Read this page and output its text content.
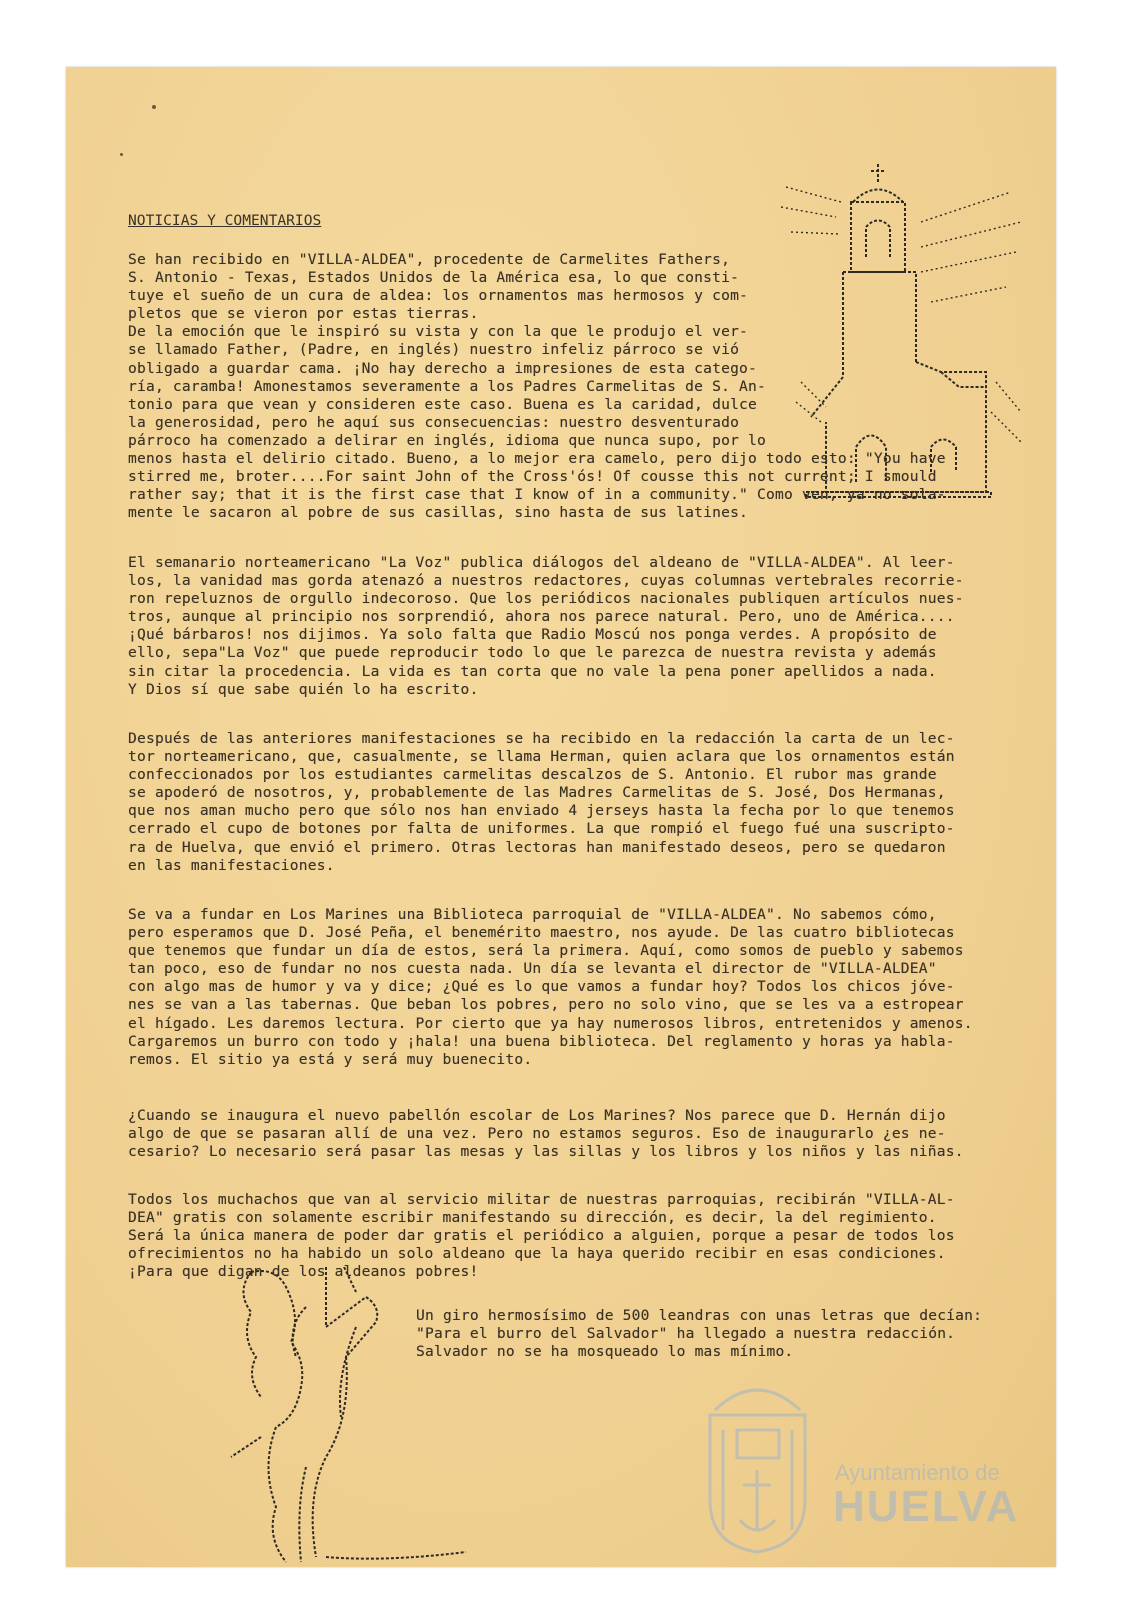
NOTICIAS Y COMENTARIOS

Se han recibido en "VILLA-ALDEA", procedente de Carmelites Fathers,
S. Antonio - Texas, Estados Unidos de la América esa, lo que consti-
tuye el sueño de un cura de aldea: los ornamentos mas hermosos y com-
pletos que se vieron por estas tierras.
De la emoción que le inspiró su vista y con la que le produjo el ver-
se llamado Father, (Padre, en inglés) nuestro infeliz párroco se vió
obligado a guardar cama. ¡No hay derecho a impresiones de esta catego-
ría, caramba! Amonestamos severamente a los Padres Carmelitas de S. An-
tonio para que vean y consideren este caso. Buena es la caridad, dulce
la generosidad, pero he aquí sus consecuencias: nuestro desventurado
párroco ha comenzado a delirar en inglés, idioma que nunca supo, por lo
menos hasta el delirio citado. Bueno, a lo mejor era camelo, pero dijo todo esto: "You have
stirred me, broter....For saint John of the Cross'ós! Of cousse this not current; I smould
rather say; that it is the first case that I know of in a community." Como ven, ya no sola-
mente le sacaron al pobre de sus casillas, sino hasta de sus latines.

El semanario norteamericano "La Voz" publica diálogos del aldeano de "VILLA-ALDEA". Al leer-
los, la vanidad mas gorda atenazó a nuestros redactores, cuyas columnas vertebrales recorrie-
ron repeluznos de orgullo indecoroso. Que los periódicos nacionales publiquen artículos nues-
tros, aunque al principio nos sorprendió, ahora nos parece natural. Pero, uno de América....
¡Qué bárbaros! nos dijimos. Ya solo falta que Radio Moscú nos ponga verdes. A propósito de
ello, sepa"La Voz" que puede reproducir todo lo que le parezca de nuestra revista y además
sin citar la procedencia. La vida es tan corta que no vale la pena poner apellidos a nada.
Y Dios sí que sabe quién lo ha escrito.

Después de las anteriores manifestaciones se ha recibido en la redacción la carta de un lec-
tor norteamericano, que, casualmente, se llama Herman, quien aclara que los ornamentos están
confeccionados por los estudiantes carmelitas descalzos de S. Antonio. El rubor mas grande
se apoderó de nosotros, y, probablemente de las Madres Carmelitas de S. José, Dos Hermanas,
que nos aman mucho pero que sólo nos han enviado 4 jerseys hasta la fecha por lo que tenemos
cerrado el cupo de botones por falta de uniformes. La que rompió el fuego fué una suscripto-
ra de Huelva, que envió el primero. Otras lectoras han manifestado deseos, pero se quedaron
en las manifestaciones.

Se va a fundar en Los Marines una Biblioteca parroquial de "VILLA-ALDEA". No sabemos cómo,
pero esperamos que D. José Peña, el benemérito maestro, nos ayude. De las cuatro bibliotecas
que tenemos que fundar un día de estos, será la primera. Aquí, como somos de pueblo y sabemos
tan poco, eso de fundar no nos cuesta nada. Un día se levanta el director de "VILLA-ALDEA"
con algo mas de humor y va y dice; ¿Qué es lo que vamos a fundar hoy? Todos los chicos jóve-
nes se van a las tabernas. Que beban los pobres, pero no solo vino, que se les va a estropear
el hígado. Les daremos lectura. Por cierto que ya hay numerosos libros, entretenidos y amenos.
Cargaremos un burro con todo y ¡hala! una buena biblioteca. Del reglamento y horas ya habla-
remos. El sitio ya está y será muy buenecito.

¿Cuando se inaugura el nuevo pabellón escolar de Los Marines? Nos parece que D. Hernán dijo
algo de que se pasaran allí de una vez. Pero no estamos seguros. Eso de inaugurarlo ¿es ne-
cesario? Lo necesario será pasar las mesas y las sillas y los libros y los niños y las niñas.

Todos los muchachos que van al servicio militar de nuestras parroquias, recibirán "VILLA-AL-
DEA" gratis con solamente escribir manifestando su dirección, es decir, la del regimiento.
Será la única manera de poder dar gratis el periódico a alguien, porque a pesar de todos los
ofrecimientos no ha habido un solo aldeano que la haya querido recibir en esas condiciones.
¡Para que digan de los aldeanos pobres!

Un giro hermosísimo de 500 leandras con unas letras que decían:
"Para el burro del Salvador" ha llegado a nuestra redacción.
Salvador no se ha mosqueado lo mas mínimo.

Ayuntamiento de
HUELVA
